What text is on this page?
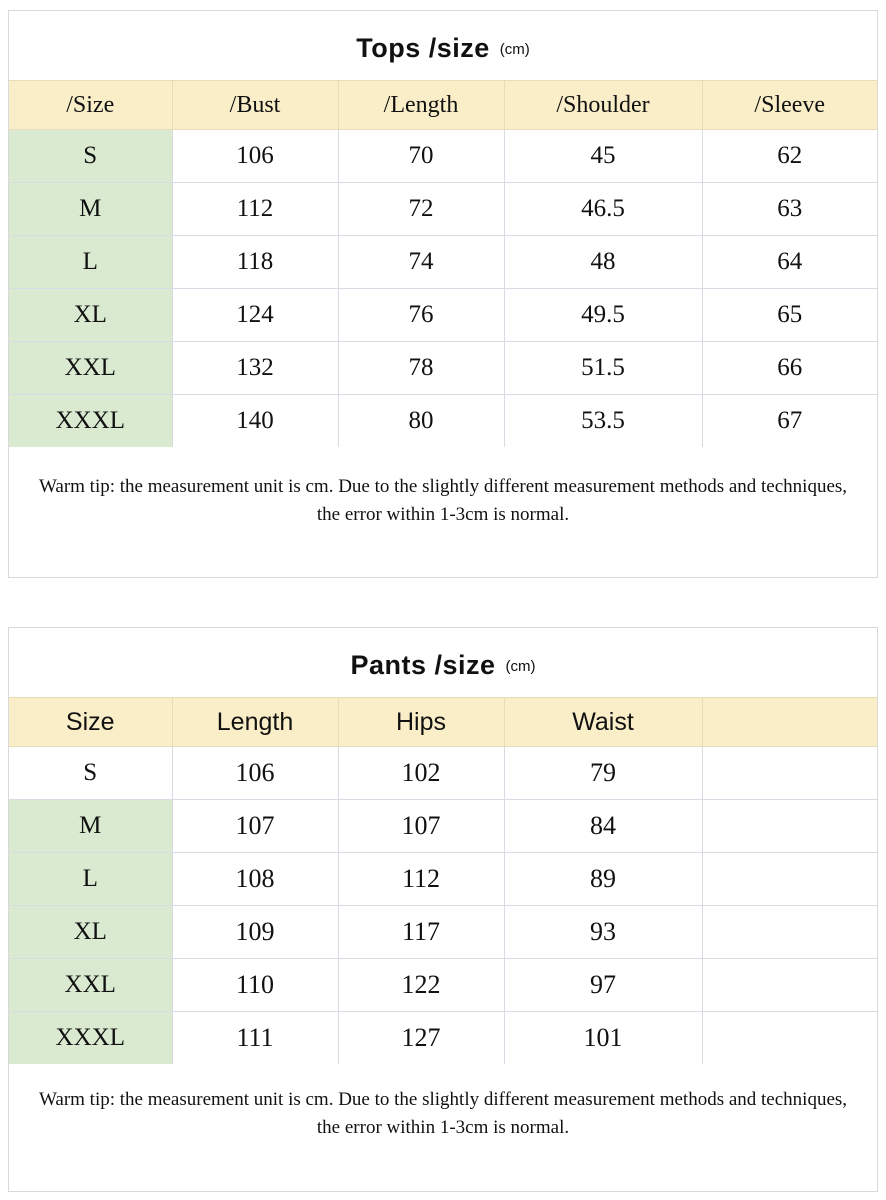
Tops /size (cm)
/Size	/Bust	/Length	/Shoulder	/Sleeve
S	106	70	45	62
M	112	72	46.5	63
L	118	74	48	64
XL	124	76	49.5	65
XXL	132	78	51.5	66
XXXL	140	80	53.5	67
Warm tip: the measurement unit is cm. Due to the slightly different measurement methods and techniques, the error within 1-3cm is normal.
Pants /size (cm)
Size	Length	Hips	Waist	
S	106	102	79	
M	107	107	84	
L	108	112	89	
XL	109	117	93	
XXL	110	122	97	
XXXL	111	127	101	
Warm tip: the measurement unit is cm. Due to the slightly different measurement methods and techniques, the error within 1-3cm is normal.
